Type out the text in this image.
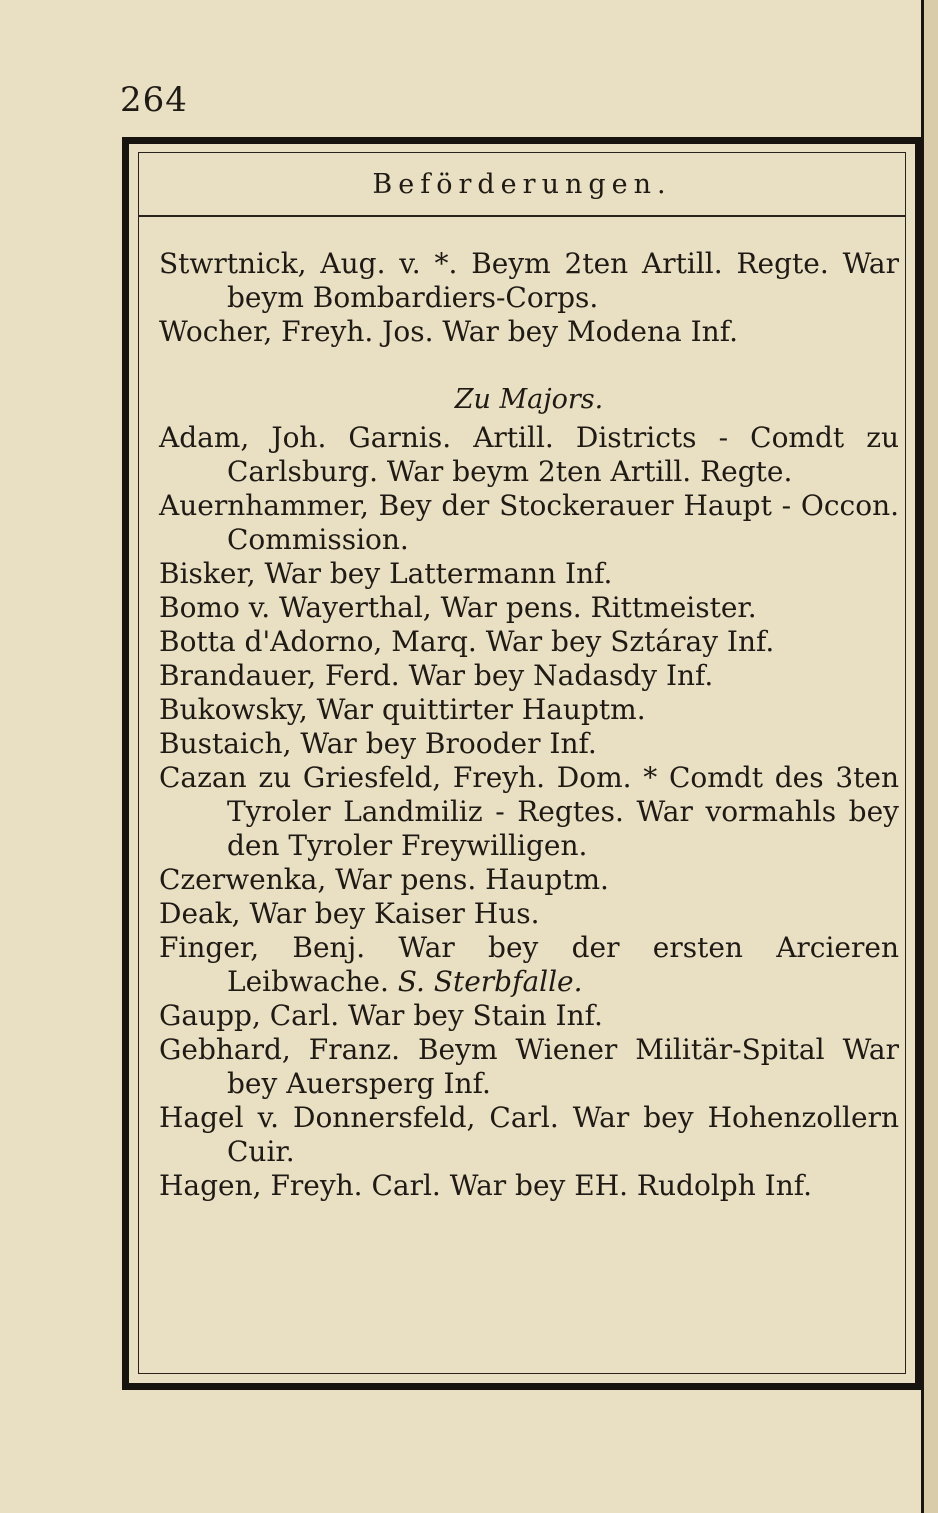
264
Beförderungen.

Stwrtnick, Aug. v. *. Beym 2ten Artill. Regte. War beym Bombardiers-Corps.

Wocher, Freyh. Jos. War bey Modena Inf.

Zu Majors.

Adam, Joh. Garnis. Artill. Districts - Comdt zu Carlsburg. War beym 2ten Artill. Regte.

Auernhammer, Bey der Stockerauer Haupt - Occon. Commission.

Bisker, War bey Lattermann Inf.

Bomo v. Wayerthal, War pens. Rittmeister.

Botta d'Adorno, Marq. War bey Sztáray Inf.

Brandauer, Ferd. War bey Nadasdy Inf.

Bukowsky, War quittirter Hauptm.

Bustaich, War bey Brooder Inf.

Cazan zu Griesfeld, Freyh. Dom. * Comdt des 3ten Tyroler Landmiliz - Regtes. War vormahls bey den Tyroler Freywilligen.

Czerwenka, War pens. Hauptm.

Deak, War bey Kaiser Hus.

Finger, Benj. War bey der ersten Arcieren Leibwache. S. Sterbfalle.

Gaupp, Carl. War bey Stain Inf.

Gebhard, Franz. Beym Wiener Militär-Spital War bey Auersperg Inf.

Hagel v. Donnersfeld, Carl. War bey Hohenzollern Cuir.

Hagen, Freyh. Carl. War bey EH. Rudolph Inf.
